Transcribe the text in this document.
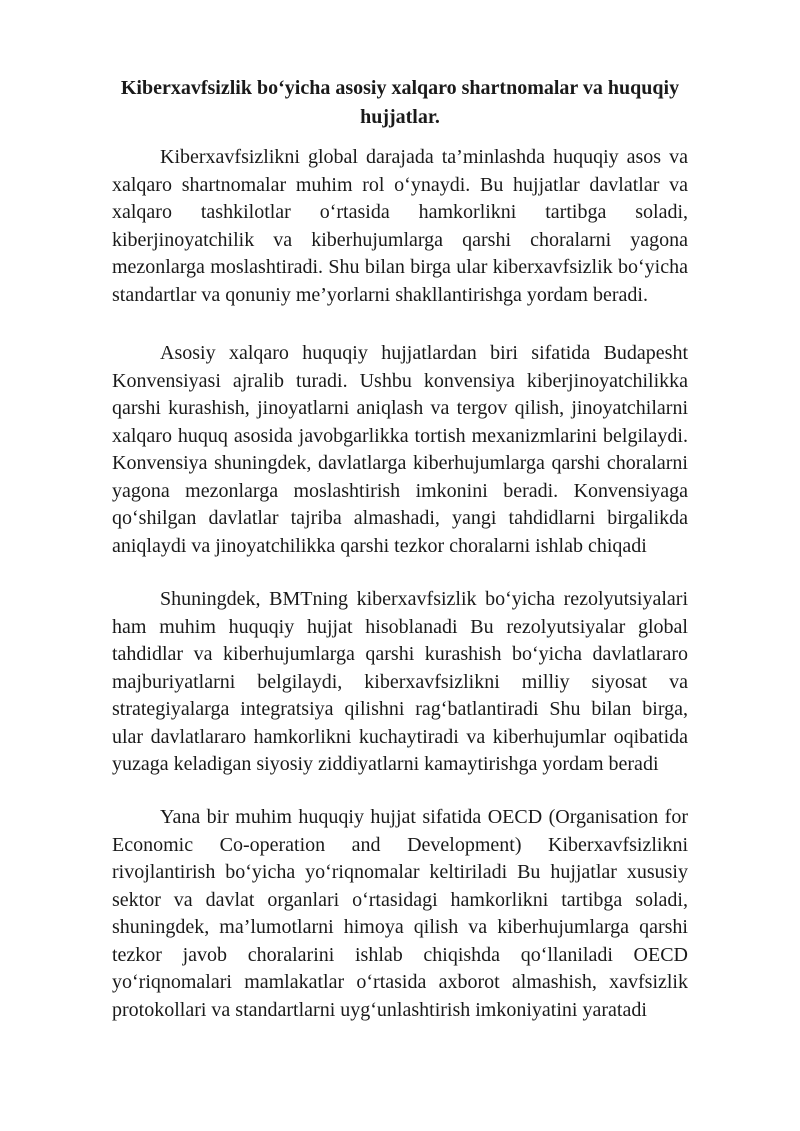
Kiberxavfsizlik bo‘yicha asosiy xalqaro shartnomalar va huquqiy hujjatlar.

Kiberxavfsizlikni global darajada ta’minlashda huquqiy asos va xalqaro shartnomalar muhim rol o‘ynaydi. Bu hujjatlar davlatlar va xalqaro tashkilotlar o‘rtasida hamkorlikni tartibga soladi, kiberjinoyatchilik va kiberhujumlarga qarshi choralarni yagona mezonlarga moslashtiradi. Shu bilan birga ular kiberxavfsizlik bo‘yicha standartlar va qonuniy me’yorlarni shakllantirishga yordam beradi.

Asosiy xalqaro huquqiy hujjatlardan biri sifatida Budapesht Konvensiyasi ajralib turadi. Ushbu konvensiya kiberjinoyatchilikka qarshi kurashish, jinoyatlarni aniqlash va tergov qilish, jinoyatchilarni xalqaro huquq asosida javobgarlikka tortish mexanizmlarini belgilaydi. Konvensiya shuningdek, davlatlarga kiberhujumlarga qarshi choralarni yagona mezonlarga moslashtirish imkonini beradi. Konvensiyaga qo‘shilgan davlatlar tajriba almashadi, yangi tahdidlarni birgalikda aniqlaydi va jinoyatchilikka qarshi tezkor choralarni ishlab chiqadi

Shuningdek, BMTning kiberxavfsizlik bo‘yicha rezolyutsiyalari ham muhim huquqiy hujjat hisoblanadi Bu rezolyutsiyalar global tahdidlar va kiberhujumlarga qarshi kurashish bo‘yicha davlatlararo majburiyatlarni belgilaydi, kiberxavfsizlikni milliy siyosat va strategiyalarga integratsiya qilishni rag‘batlantiradi Shu bilan birga, ular davlatlararo hamkorlikni kuchaytiradi va kiberhujumlar oqibatida yuzaga keladigan siyosiy ziddiyatlarni kamaytirishga yordam beradi

Yana bir muhim huquqiy hujjat sifatida OECD (Organisation for Economic Co-operation and Development) Kiberxavfsizlikni rivojlantirish bo‘yicha yo‘riqnomalar keltiriladi Bu hujjatlar xususiy sektor va davlat organlari o‘rtasidagi hamkorlikni tartibga soladi, shuningdek, ma’lumotlarni himoya qilish va kiberhujumlarga qarshi tezkor javob choralarini ishlab chiqishda qo‘llaniladi OECD yo‘riqnomalari mamlakatlar o‘rtasida axborot almashish, xavfsizlik protokollari va standartlarni uyg‘unlashtirish imkoniyatini yaratadi
